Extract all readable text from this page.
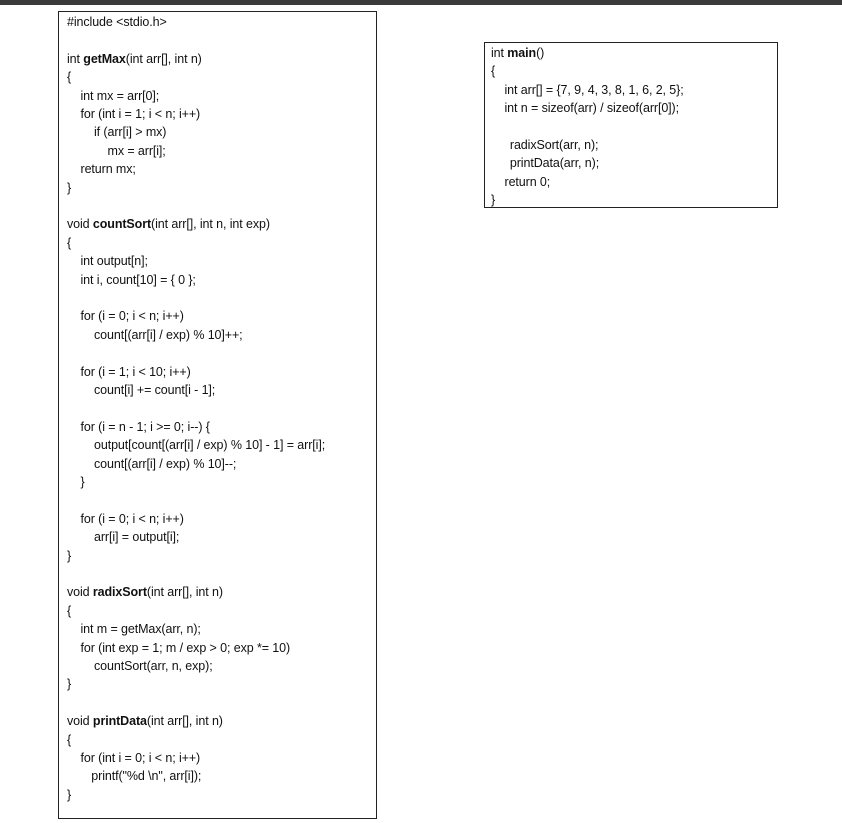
#include <stdio.h>
int getMax(int arr[], int n)
{
int mx = arr[0];
for (int i = 1; i < n; i++)
if (arr[i] > mx)
mx = arr[i];
return mx;
}
void countSort(int arr[], int n, int exp)
{
int output[n];
int i, count[10] = { 0 };
for (i = 0; i < n; i++)
count[(arr[i] / exp) % 10]++;
for (i = 1; i < 10; i++)
count[i] += count[i - 1];
for (i = n - 1; i >= 0; i--) {
output[count[(arr[i] / exp) % 10] - 1] = arr[i];
count[(arr[i] / exp) % 10]--;
}
for (i = 0; i < n; i++)
arr[i] = output[i];
}
void radixSort(int arr[], int n)
{
int m = getMax(arr, n);
for (int exp = 1; m / exp > 0; exp *= 10)
countSort(arr, n, exp);
}
void printData(int arr[], int n)
{
for (int i = 0; i < n; i++)
printf("%d \n", arr[i]);
}
int main()
{
int arr[] = {7, 9, 4, 3, 8, 1, 6, 2, 5};
int n = sizeof(arr) / sizeof(arr[0]);
radixSort(arr, n);
printData(arr, n);
return 0;
}
